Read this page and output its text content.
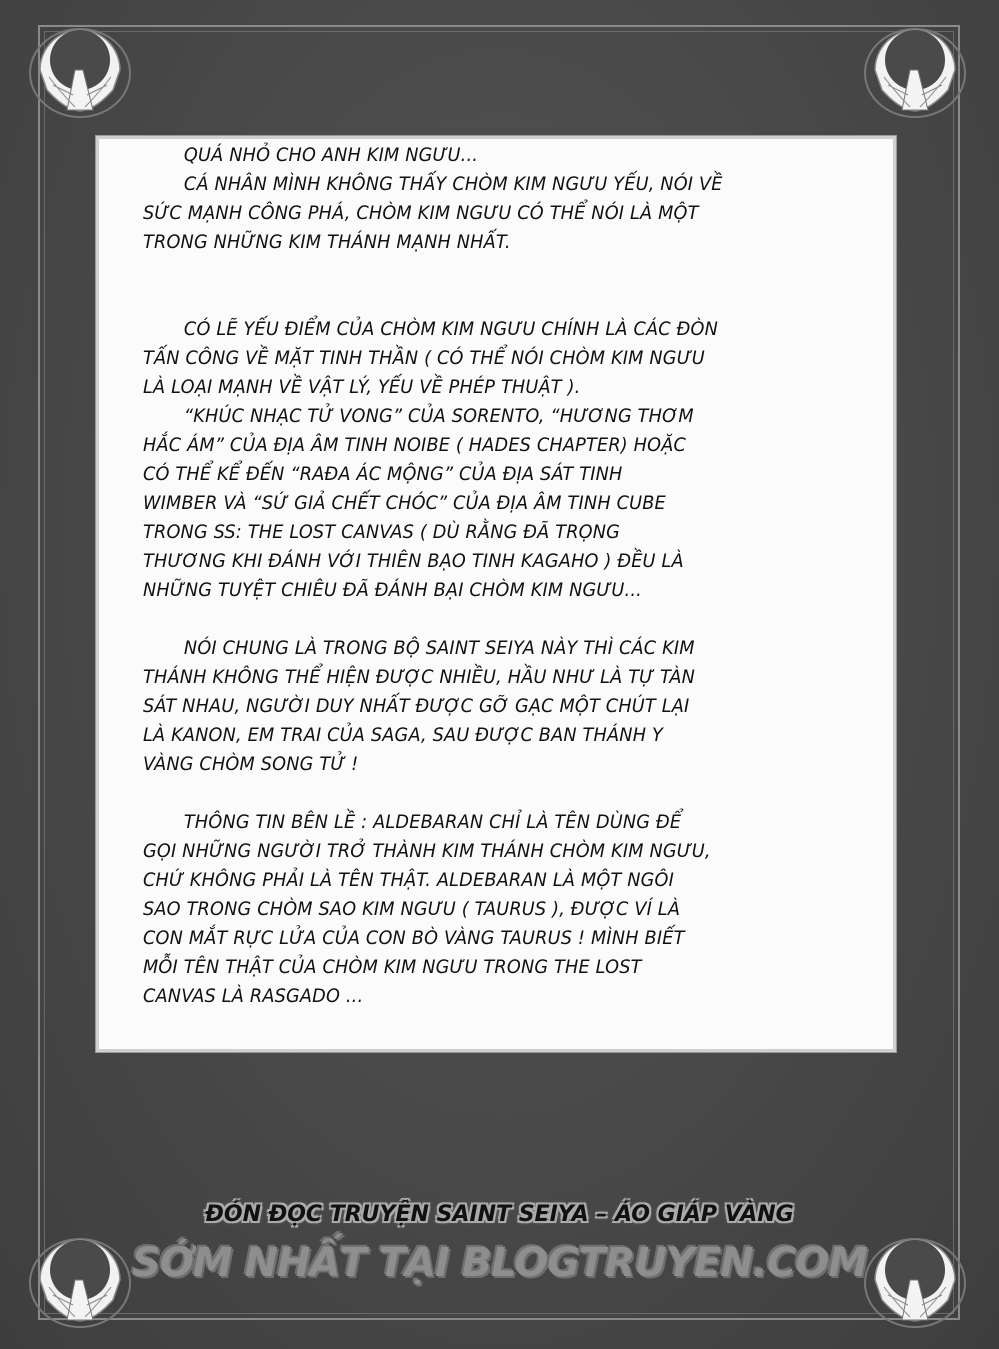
QUÁ NHỎ CHO ANH KIM NGƯU...
CÁ NHÂN MÌNH KHÔNG THẤY CHÒM KIM NGƯU YẾU, NÓI VỀ
SỨC MẠNH CÔNG PHÁ, CHÒM KIM NGƯU CÓ THỂ NÓI LÀ MỘT
TRONG NHỮNG KIM THÁNH MẠNH NHẤT.
CÓ LẼ YẾU ĐIỂM CỦA CHÒM KIM NGƯU CHÍNH LÀ CÁC ĐÒN
TẤN CÔNG VỀ MẶT TINH THẦN ( CÓ THỂ NÓI CHÒM KIM NGƯU
LÀ LOẠI MẠNH VỀ VẬT LÝ, YẾU VỀ PHÉP THUẬT ).
“KHÚC NHẠC TỬ VONG” CỦA SORENTO, “HƯƠNG THƠM
HẮC ÁM” CỦA ĐỊA ÂM TINH NOIBE ( HADES CHAPTER) HOẶC
CÓ THỂ KỂ ĐẾN “RAĐA ÁC MỘNG” CỦA ĐỊA SÁT TINH
WIMBER VÀ “SỨ GIẢ CHẾT CHÓC” CỦA ĐỊA ÂM TINH CUBE
TRONG SS: THE LOST CANVAS ( DÙ RẰNG ĐÃ TRỌNG
THƯƠNG KHI ĐÁNH VỚI THIÊN BẠO TINH KAGAHO ) ĐỀU LÀ
NHỮNG TUYỆT CHIÊU ĐÃ ĐÁNH BẠI CHÒM KIM NGƯU...
NÓI CHUNG LÀ TRONG BỘ SAINT SEIYA NÀY THÌ CÁC KIM
THÁNH KHÔNG THỂ HIỆN ĐƯỢC NHIỀU, HẦU NHƯ LÀ TỰ TÀN
SÁT NHAU, NGƯỜI DUY NHẤT ĐƯỢC GỠ GẠC MỘT CHÚT LẠI
LÀ KANON, EM TRAI CỦA SAGA, SAU ĐƯỢC BAN THÁNH Y
VÀNG CHÒM SONG TỬ !
THÔNG TIN BÊN LỀ : ALDEBARAN CHỈ LÀ TÊN DÙNG ĐỂ
GỌI NHỮNG NGƯỜI TRỞ THÀNH KIM THÁNH CHÒM KIM NGƯU,
CHỨ KHÔNG PHẢI LÀ TÊN THẬT. ALDEBARAN LÀ MỘT NGÔI
SAO TRONG CHÒM SAO KIM NGƯU ( TAURUS ), ĐƯỢC VÍ LÀ
CON MẮT RỰC LỬA CỦA CON BÒ VÀNG TAURUS ! MÌNH BIẾT
MỖI TÊN THẬT CỦA CHÒM KIM NGƯU TRONG THE LOST
CANVAS LÀ RASGADO ...
ĐÓN ĐỌC TRUYỆN SAINT SEIYA – ÁO GIÁP VÀNG
SỚM NHẤT TẠI BLOGTRUYEN.COM
